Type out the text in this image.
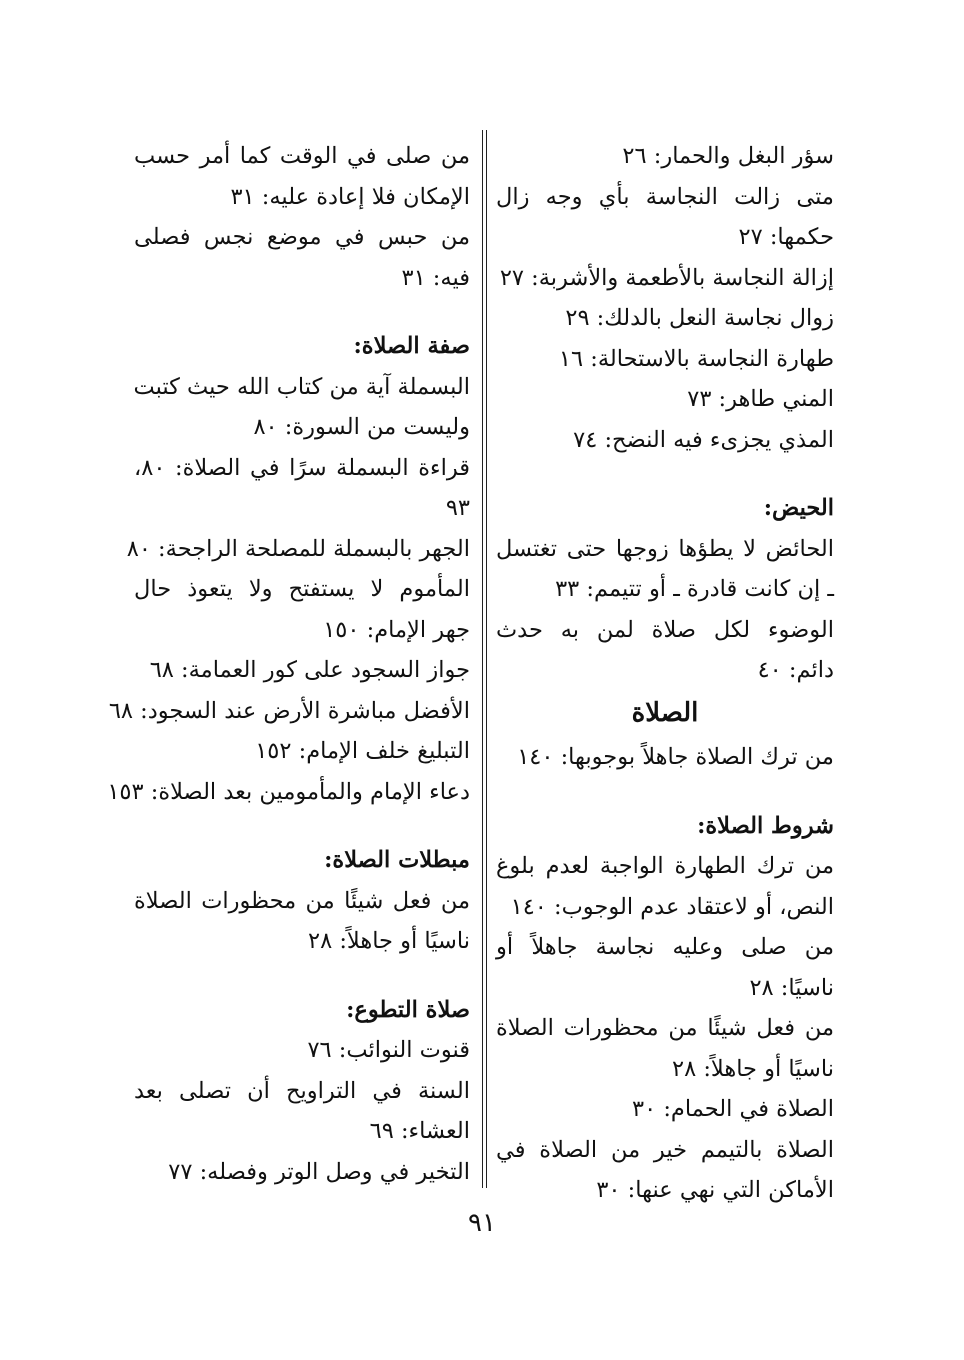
سؤر البغل والحمار: ٢٦
متى زالت النجاسة بأي وجه زال
حكمها: ٢٧
إزالة النجاسة بالأطعمة والأشربة: ٢٧
زوال نجاسة النعل بالدلك: ٢٩
طهارة النجاسة بالاستحالة: ١٦
المني طاهر: ٧٣
المذي يجزىء فيه النضح: ٧٤
الحيض:
الحائض لا يطؤها زوجها حتى تغتسل
ـ إن كانت قادرة ـ أو تتيمم: ٣٣
الوضوء لكل صلاة لمن به حدث
دائم: ٤٠
الصلاة
من ترك الصلاة جاهلاً بوجوبها: ١٤٠
شروط الصلاة:
من ترك الطهارة الواجبة لعدم بلوغ
النص، أو لاعتقاد عدم الوجوب: ١٤٠
من صلى وعليه نجاسة جاهلاً أو
ناسيًا: ٢٨
من فعل شيئًا من محظورات الصلاة
ناسيًا أو جاهلاً: ٢٨
الصلاة في الحمام: ٣٠
الصلاة بالتيمم خير من الصلاة في
الأماكن التي نهي عنها: ٣٠
من صلى في الوقت كما أمر حسب
الإمكان فلا إعادة عليه: ٣١
من حبس في موضع نجس فصلى
فيه: ٣١
صفة الصلاة:
البسملة آية من كتاب الله حيث كتبت
وليست من السورة: ٨٠
قراءة البسملة سرًا في الصلاة: ٨٠،
٩٣
الجهر بالبسملة للمصلحة الراجحة: ٨٠
المأموم لا يستفتح ولا يتعوذ حال
جهر الإمام: ١٥٠
جواز السجود على كور العمامة: ٦٨
الأفضل مباشرة الأرض عند السجود: ٦٨
التبليغ خلف الإمام: ١٥٢
دعاء الإمام والمأمومين بعد الصلاة: ١٥٣
مبطلات الصلاة:
من فعل شيئًا من محظورات الصلاة
ناسيًا أو جاهلاً: ٢٨
صلاة التطوع:
قنوت النوائب: ٧٦
السنة في التراويح أن تصلى بعد
العشاء: ٦٩
التخير في وصل الوتر وفصله: ٧٧
٩١
